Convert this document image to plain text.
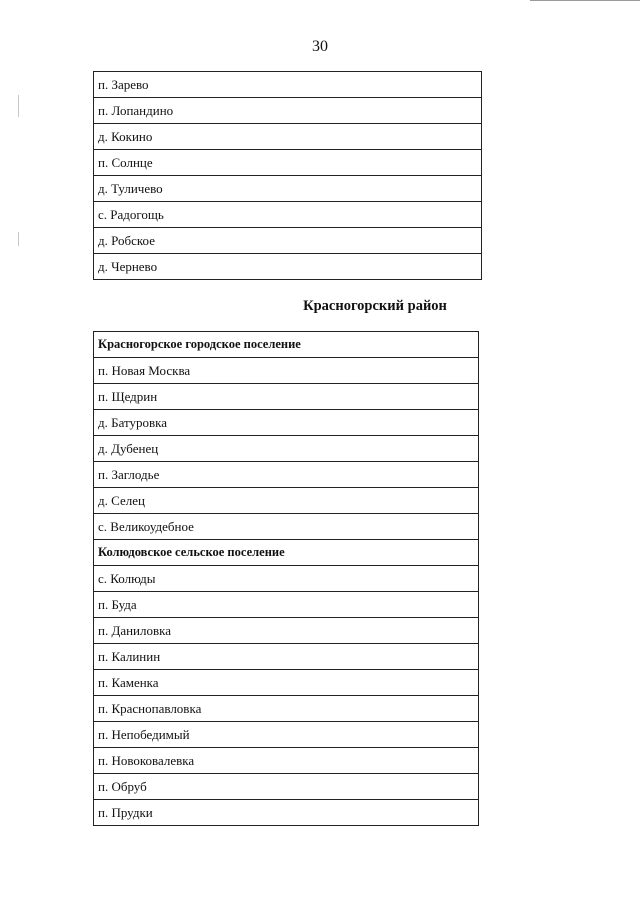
30
п. Зарево
п. Лопандино
д. Кокино
п. Солнце
д. Туличево
с. Радогощь
д. Робское
д. Чернево
Красногорский район
Красногорское городское поселение
п. Новая Москва
п. Щедрин
д. Батуровка
д. Дубенец
п. Заглодье
д. Селец
с. Великоудебное
Колюдовское сельское поселение
с. Колюды
п. Буда
п. Даниловка
п. Калинин
п. Каменка
п. Краснопавловка
п. Непобедимый
п. Новоковалевка
п. Обруб
п. Прудки
